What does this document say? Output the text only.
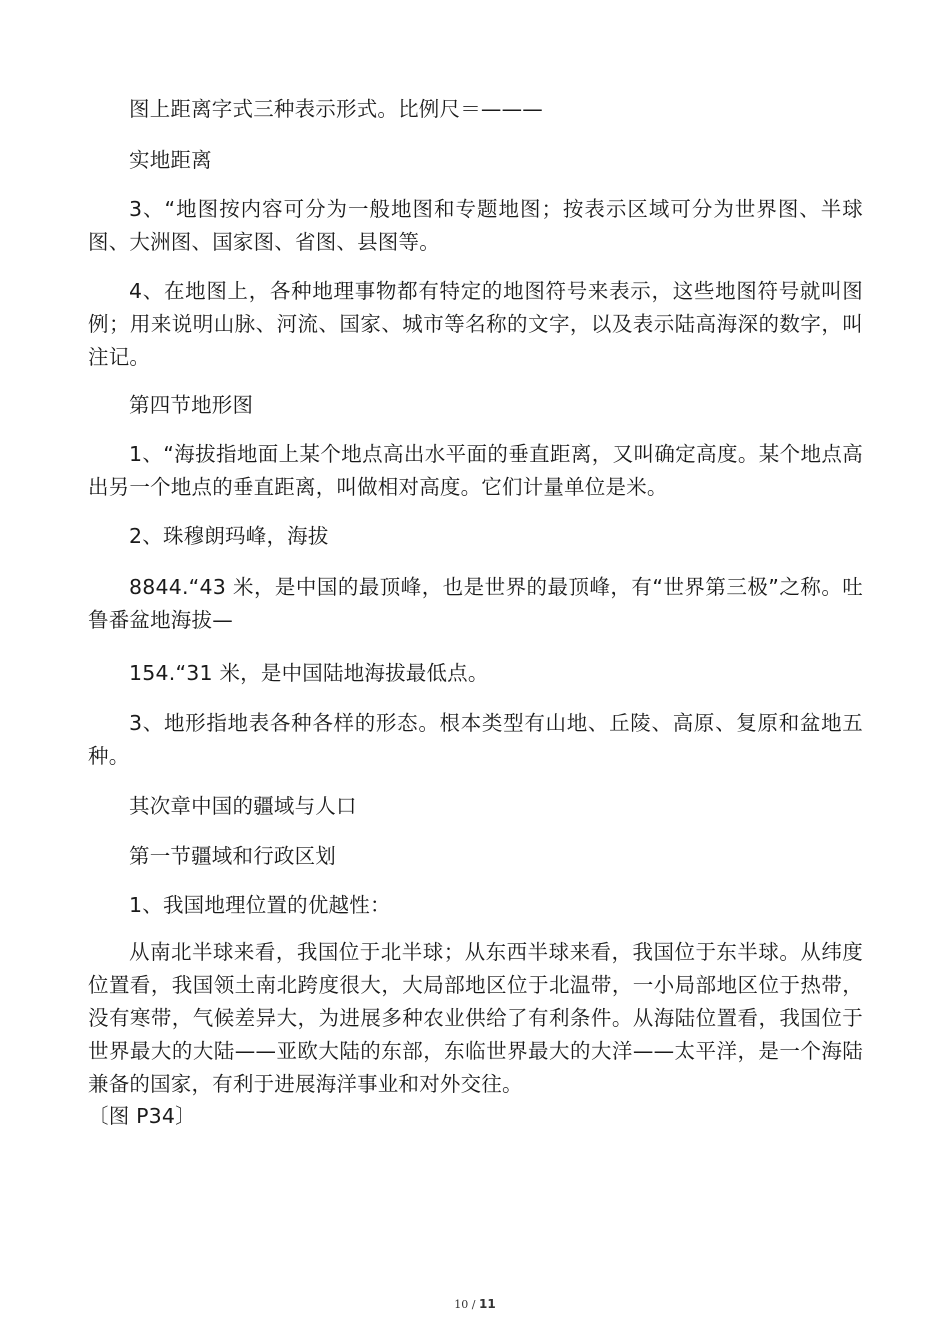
图上距离字式三种表示形式。比例尺＝———

实地距离

3、“地图按内容可分为一般地图和专题地图；按表示区域可分为世界图、半球图、大洲图、国家图、省图、县图等。

4、在地图上，各种地理事物都有特定的地图符号来表示，这些地图符号就叫图例；用来说明山脉、河流、国家、城市等名称的文字，以及表示陆高海深的数字，叫注记。

第四节地形图

1、“海拔指地面上某个地点高出水平面的垂直距离，又叫确定高度。某个地点高出另一个地点的垂直距离，叫做相对高度。它们计量单位是米。

2、珠穆朗玛峰，海拔

8844.“43 米，是中国的最顶峰，也是世界的最顶峰，有“世界第三极”之称。吐鲁番盆地海拔—

154.“31 米，是中国陆地海拔最低点。

3、地形指地表各种各样的形态。根本类型有山地、丘陵、高原、复原和盆地五种。

其次章中国的疆域与人口

第一节疆域和行政区划

1、我国地理位置的优越性：

从南北半球来看，我国位于北半球；从东西半球来看，我国位于东半球。从纬度位置看，我国领土南北跨度很大，大局部地区位于北温带，一小局部地区位于热带，没有寒带，气候差异大，为进展多种农业供给了有利条件。从海陆位置看，我国位于世界最大的大陆——亚欧大陆的东部，东临世界最大的大洋——太平洋，是一个海陆兼备的国家，有利于进展海洋事业和对外交往。

〔图 P34〕

10 / 11
